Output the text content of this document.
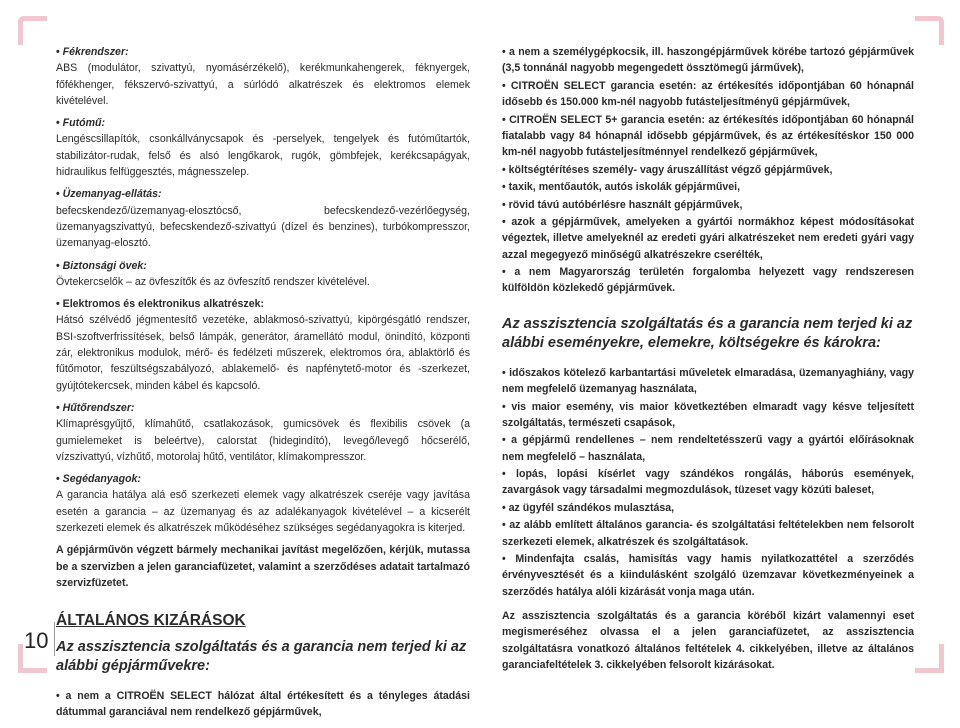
10
• Fékrendszer:

ABS (modulátor, szivattyú, nyomásérzékelő), kerékmunkahengerek, féknyergek, főfékhenger, fékszervó-szivattyú, a súrlódó alkatrészek és elektromos elemek kivételével.

• Futómű:

Lengéscsillapítók, csonkállványcsapok és -perselyek, tengelyek és futóműtartók, stabilizátor-rudak, felső és alsó lengőkarok, rugók, gömbfejek, kerékcsapágyak, hidraulikus felfüggesztés, mágnesszelep.

• Üzemanyag-ellátás:

befecskendező/üzemanyag-elosztócső, befecskendező-vezérlőegység, üzemanyagszivattyú, befecskendező-szivattyú (dízel és benzines), turbókompresszor, üzemanyag-elosztó.

• Biztonsági övek:

Övtekercselők – az övfeszítők és az övfeszítő rendszer kivételével.

• Elektromos és elektronikus alkatrészek:

Hátsó szélvédő jégmentesítő vezetéke, ablakmosó-szivattyú, kipörgésgátló rendszer, BSI-szoftverfrissítések, belső lámpák, generátor, áramellátó modul, önindító, központi zár, elektronikus modulok, mérő- és fedélzeti műszerek, elektromos óra, ablaktörlő és fűtőmotor, feszültségszabályozó, ablakemelő- és napfénytető-motor és -szerkezet, gyújtótekercsek, minden kábel és kapcsoló.

• Hűtőrendszer:

Klímaprésgyűjtő, klímahűtő, csatlakozások, gumicsövek és flexibilis csövek (a gumielemeket is beleértve), calorstat (hidegindító), levegő/levegő hőcserélő, vízszivattyú, vízhűtő, motorolaj hűtő, ventilátor, klímakompresszor.

• Segédanyagok:

A garancia hatálya alá eső szerkezeti elemek vagy alkatrészek cseréje vagy javítása esetén a garancia – az üzemanyag és az adalékanyagok kivételével – a kicserélt szerkezeti elemek és alkatrészek működéséhez szükséges segédanyagokra is kiterjed.

A gépjárművön végzett bármely mechanikai javítást megelőzően, kérjük, mutassa be a szervizben a jelen garanciafüzetet, valamint a szerződéses adatait tartalmazó szervizfüzetet.

ÁLTALÁNOS KIZÁRÁSOK
Az asszisztencia szolgáltatás és a garancia nem terjed ki az alábbi gépjárművekre:
• a nem a CITROËN SELECT hálózat által értékesített és a tényleges átadási dátummal garanciával nem rendelkező gépjárművek,
• a nem a személygépkocsik, ill. haszongépjárművek körébe tartozó gépjárművek (3,5 tonnánál nagyobb megengedett össztömegű járművek),
• CITROËN SELECT garancia esetén: az értékesítés időpontjában 60 hónapnál idősebb és 150.000 km-nél nagyobb futásteljesítményű gépjárművek,
• CITROËN SELECT 5+ garancia esetén: az értékesítés időpontjában 60 hónapnál fiatalabb vagy 84 hónapnál idősebb gépjárművek, és az értékesítéskor 150 000 km-nél nagyobb futásteljesítménnyel rendelkező gépjárművek,
• költségtérítéses személy- vagy áruszállítást végző gépjárművek,
• taxik, mentőautók, autós iskolák gépjárművei,
• rövid távú autóbérlésre használt gépjárművek,
• azok a gépjárművek, amelyeken a gyártói normákhoz képest módosításokat végeztek, illetve amelyeknél az eredeti gyári alkatrészeket nem eredeti gyári vagy azzal megegyező minőségű alkatrészekre cserélték,
• a nem Magyarország területén forgalomba helyezett vagy rendszeresen külföldön közlekedő gépjárművek.
Az asszisztencia szolgáltatás és a garancia nem terjed ki az alábbi eseményekre, elemekre, költségekre és károkra:
• időszakos kötelező karbantartási műveletek elmaradása, üzemanyaghiány, vagy nem megfelelő üzemanyag használata,
• vis maior esemény, vis maior következtében elmaradt vagy késve teljesített szolgáltatás, természeti csapások,
• a gépjármű rendellenes – nem rendeltetésszerű vagy a gyártói előírásoknak nem megfelelő – használata,
• lopás, lopási kísérlet vagy szándékos rongálás, háborús események, zavargások vagy társadalmi megmozdulások, tüzeset vagy közúti baleset,
• az ügyfél szándékos mulasztása,
• az alább említett általános garancia- és szolgáltatási feltételekben nem felsorolt szerkezeti elemek, alkatrészek és szolgáltatások.
• Mindenfajta csalás, hamisítás vagy hamis nyilatkozattétel a szerződés érvényvesztését és a kiindulásként szolgáló üzemzavar következményeinek a szerződés hatálya alóli kizárását vonja maga után.

Az asszisztencia szolgáltatás és a garancia köréből kizárt valamennyi eset megismeréséhez olvassa el a jelen garanciafüzetet, az asszisztencia szolgáltatásra vonatkozó általános feltételek 4. cikkelyében, illetve az általános garanciafeltételek 3. cikkelyében felsorolt kizárásokat.
